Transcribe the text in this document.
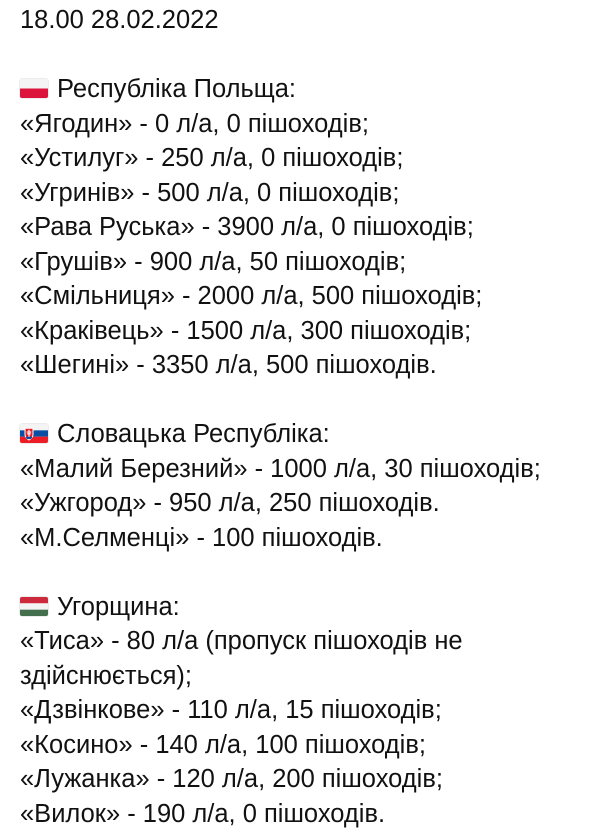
18.00 28.02.2022
Республіка Польща:
«Ягодин» - 0 л/а, 0 пішоходів;
«Устилуг» - 250 л/а, 0 пішоходів;
«Угринів» - 500 л/а, 0 пішоходів;
«Рава Руська» - 3900 л/а, 0 пішоходів;
«Грушів» - 900 л/а, 50 пішоходів;
«Смільниця» - 2000 л/а, 500 пішоходів;
«Краківець» - 1500 л/а, 300 пішоходів;
«Шегині» - 3350 л/а, 500 пішоходів.
Словацька Республіка:
«Малий Березний» - 1000 л/а, 30 пішоходів;
«Ужгород» - 950 л/а, 250 пішоходів.
«М.Селменці» - 100 пішоходів.
Угорщина:
«Тиса» - 80 л/а (пропуск пішоходів не здійснюється);
«Дзвінкове» - 110 л/а, 15 пішоходів;
«Косино» - 140 л/а, 100 пішоходів;
«Лужанка» - 120 л/а, 200 пішоходів;
«Вилок» - 190 л/а, 0 пішоходів.
